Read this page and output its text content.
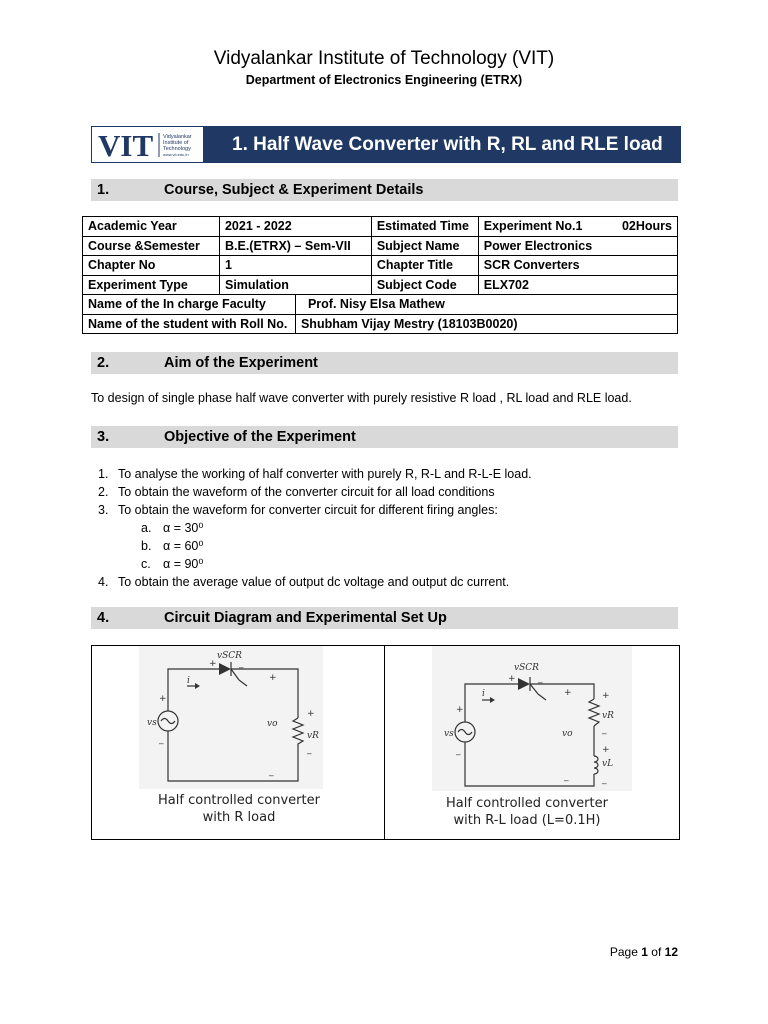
Vidyalankar Institute of Technology (VIT)
Department of Electronics Engineering (ETRX)
VIT Vidyalankar
Institute of
Technology
www.vit.edu.in	1. Half Wave Converter with R, RL and RLE load
1.	Course, Subject & Experiment Details
Academic Year	2021 - 2022		Estimated Time	Experiment No.1 02Hours

Course &Semester	B.E.(ETRX) – Sem-VII		Subject Name	Power Electronics
Chapter No	1		Chapter Title	SCR Converters
Experiment Type	Simulation		Subject Code	ELX702
Name of the In charge Faculty		Prof. Nisy Elsa Mathew		
Name of the student with Roll No.		Shubham Vijay Mestry (18103B0020)		
2.	Aim of the Experiment
To design of single phase half wave converter with purely resistive R load , RL load and RLE load.
3.	Objective of the Experiment
1. To analyse the working of half converter with purely R, R-L and R-L-E load.
2. To obtain the waveform of the converter circuit for all load conditions
3. To obtain the waveform for converter circuit for different firing angles:
a. α = 30⁰
b. α = 60⁰
c. α = 90⁰
4. To obtain the average value of output dc voltage and output dc current.
4.	Circuit Diagram and Experimental Set Up
vSCR
i
vs	vo
vR
+ _
+
_
+
_
+
_
Half controlled converter
with R load
vSCR
i
vs	vo
vR
vL
+ _
+
_
+
_
+
_
+
_
Half controlled converter
with R-L load (L=0.1H)
Page 1 of 12
